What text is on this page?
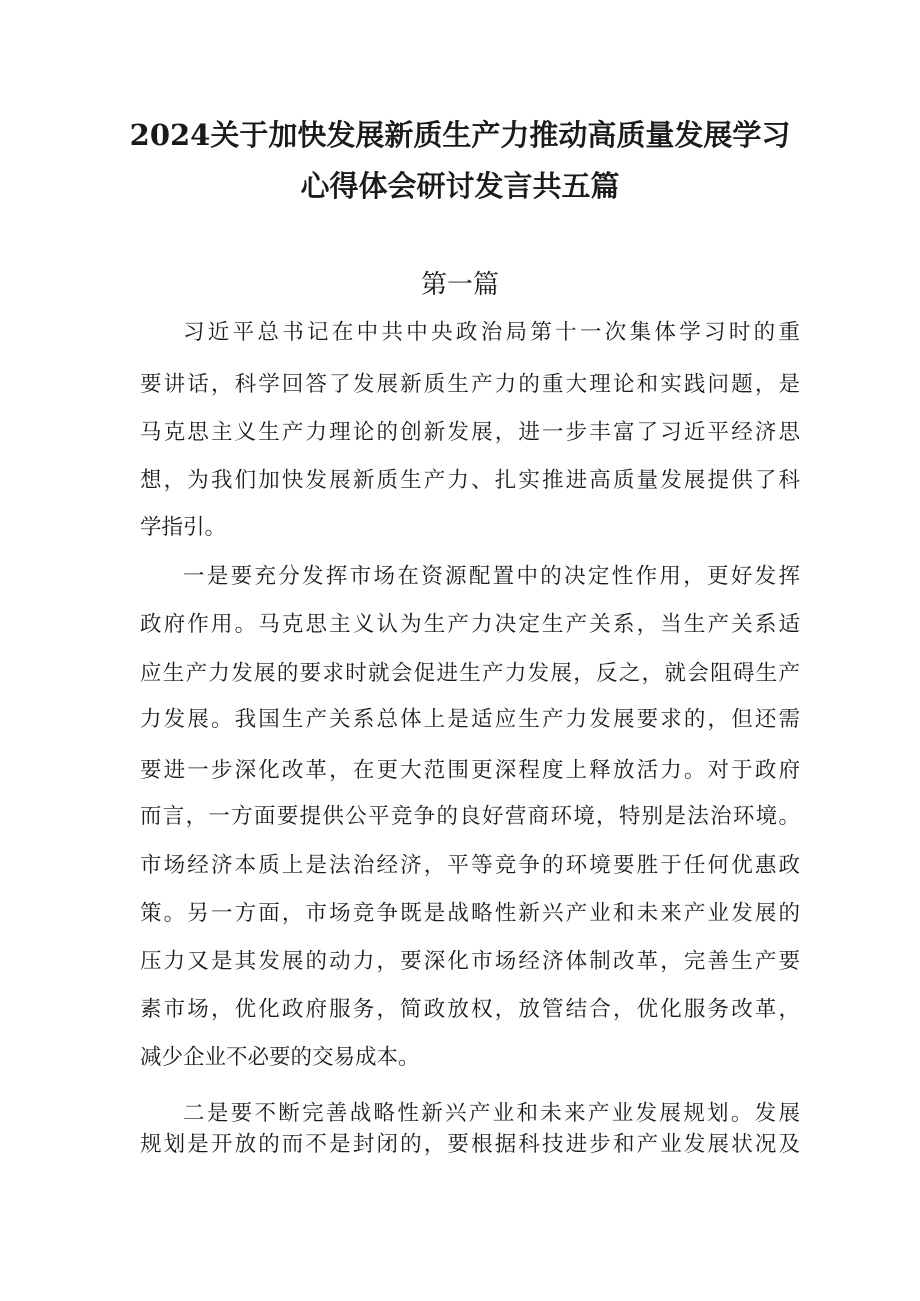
2024关于加快发展新质生产力推动高质量发展学习
心得体会研讨发言共五篇
第一篇

习近平总书记在中共中央政治局第十一次集体学习时的重

要讲话，科学回答了发展新质生产力的重大理论和实践问题，是

马克思主义生产力理论的创新发展，进一步丰富了习近平经济思

想，为我们加快发展新质生产力、扎实推进高质量发展提供了科

学指引。

一是要充分发挥市场在资源配置中的决定性作用，更好发挥

政府作用。马克思主义认为生产力决定生产关系，当生产关系适

应生产力发展的要求时就会促进生产力发展，反之，就会阻碍生产

力发展。我国生产关系总体上是适应生产力发展要求的，但还需

要进一步深化改革，在更大范围更深程度上释放活力。对于政府

而言，一方面要提供公平竞争的良好营商环境，特别是法治环境。

市场经济本质上是法治经济，平等竞争的环境要胜于任何优惠政

策。另一方面，市场竞争既是战略性新兴产业和未来产业发展的

压力又是其发展的动力，要深化市场经济体制改革，完善生产要

素市场，优化政府服务，简政放权，放管结合，优化服务改革，

减少企业不必要的交易成本。

二是要不断完善战略性新兴产业和未来产业发展规划。发展

规划是开放的而不是封闭的，要根据科技进步和产业发展状况及
